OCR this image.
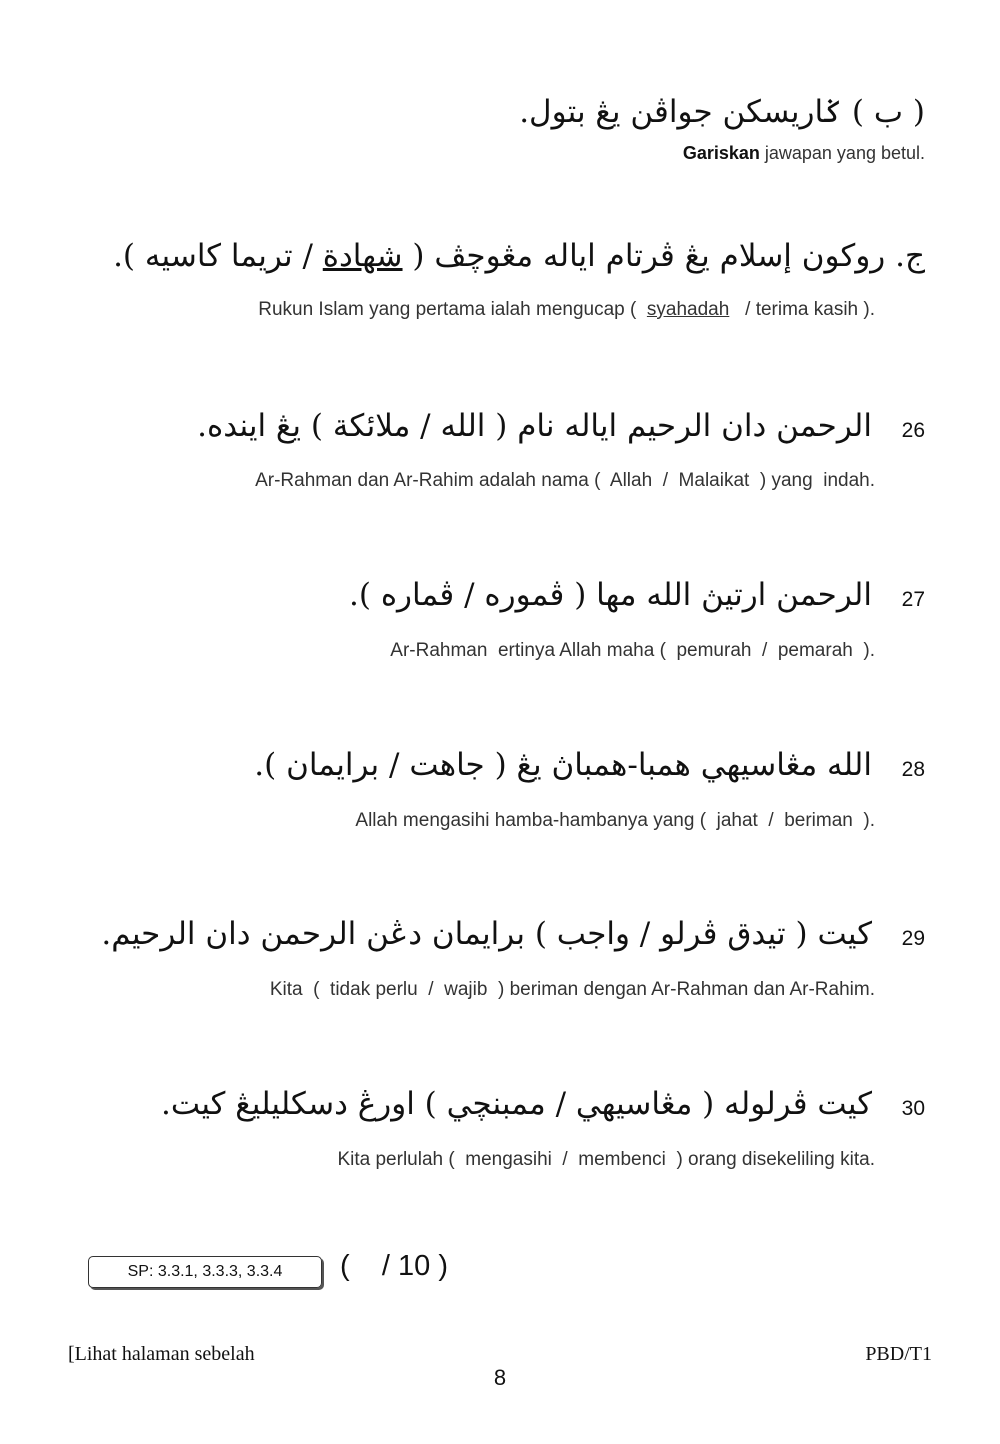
( ب ) ݢاريسكن جواڤن يڠ بتول.
Gariskan jawapan yang betul.
ج. روكون إسلام يڠ ڤرتام اياله مڠوچڤ ( شهادة / تريما كاسيه ).
Rukun Islam yang pertama ialah mengucap (  syahadah   / terima kasih ).
26
الرحمن دان الرحيم اياله نام ( الله / ملائكة ) يڠ ايندە.
Ar-Rahman dan Ar-Rahim adalah nama (  Allah  /  Malaikat  ) yang  indah.
27
الرحمن ارتيڽ الله مها ( ڤموره / ڤماره ).
Ar-Rahman  ertinya Allah maha (  pemurah  /  pemarah  ).
28
الله مڠاسيهي همبا-همباڽ يڠ ( جاهت / برايمان ).
Allah mengasihi hamba-hambanya yang (  jahat  /  beriman  ).
29
كيت ( تيدق ڤرلو / واجب ) برايمان دڠن الرحمن دان الرحيم.
Kita  (  tidak perlu  /  wajib  ) beriman dengan Ar-Rahman dan Ar-Rahim.
30
كيت ڤرلوله ( مڠاسيهي / ممبنچي ) اورڠ دسكليليڠ كيت.
Kita perlulah (  mengasihi  /  membenci  ) orang disekeliling kita.
SP: 3.3.1, 3.3.3, 3.3.4	(    / 10 )
[Lihat halaman sebelah	PBD/T1
8
